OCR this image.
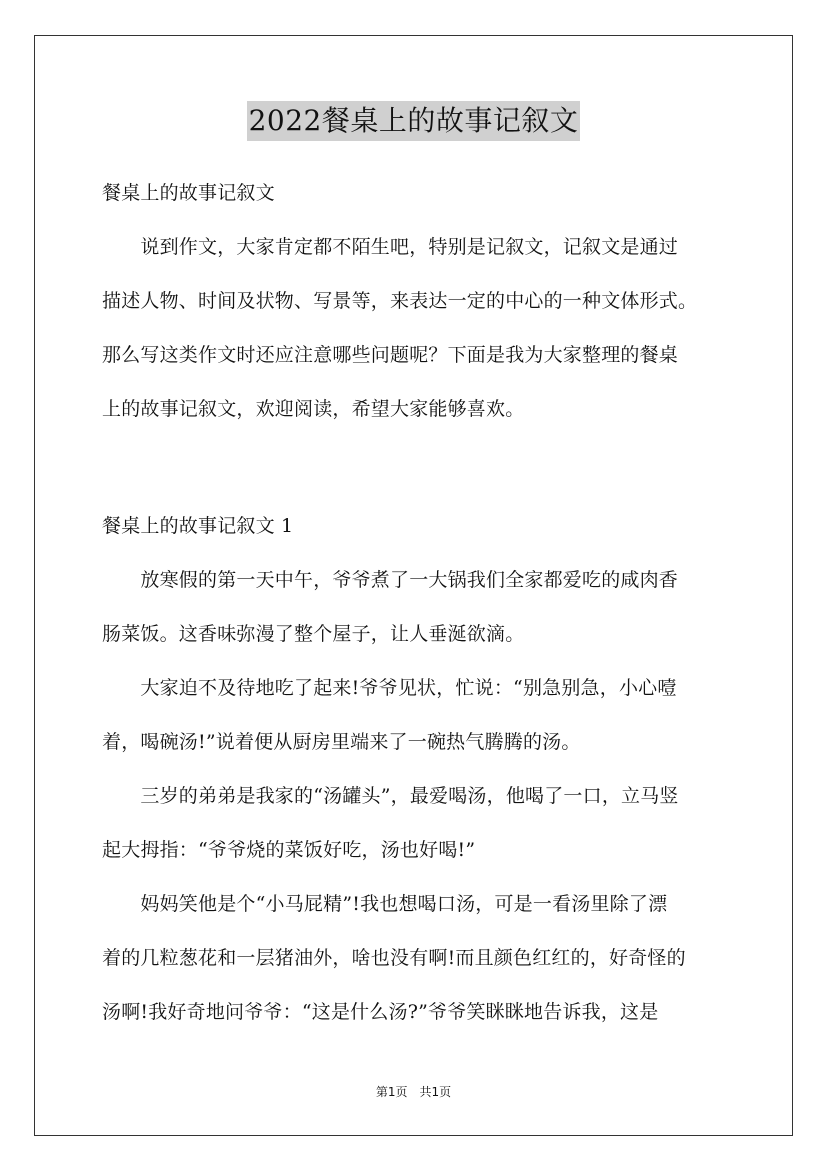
2022餐桌上的故事记叙文
餐桌上的故事记叙文
　　说到作文，大家肯定都不陌生吧，特别是记叙文，记叙文是通过
描述人物、时间及状物、写景等，来表达一定的中心的一种文体形式。
那么写这类作文时还应注意哪些问题呢？下面是我为大家整理的餐桌
上的故事记叙文，欢迎阅读，希望大家能够喜欢。
餐桌上的故事记叙文 1
　　放寒假的第一天中午，爷爷煮了一大锅我们全家都爱吃的咸肉香
肠菜饭。这香味弥漫了整个屋子，让人垂涎欲滴。
　　大家迫不及待地吃了起来!爷爷见状，忙说：“别急别急，小心噎
着，喝碗汤!”说着便从厨房里端来了一碗热气腾腾的汤。
　　三岁的弟弟是我家的“汤罐头”，最爱喝汤，他喝了一口，立马竖
起大拇指：“爷爷烧的菜饭好吃，汤也好喝!”
　　妈妈笑他是个“小马屁精”!我也想喝口汤，可是一看汤里除了漂
着的几粒葱花和一层猪油外，啥也没有啊!而且颜色红红的，好奇怪的
汤啊!我好奇地问爷爷：“这是什么汤?”爷爷笑眯眯地告诉我，这是
第1页　共1页
